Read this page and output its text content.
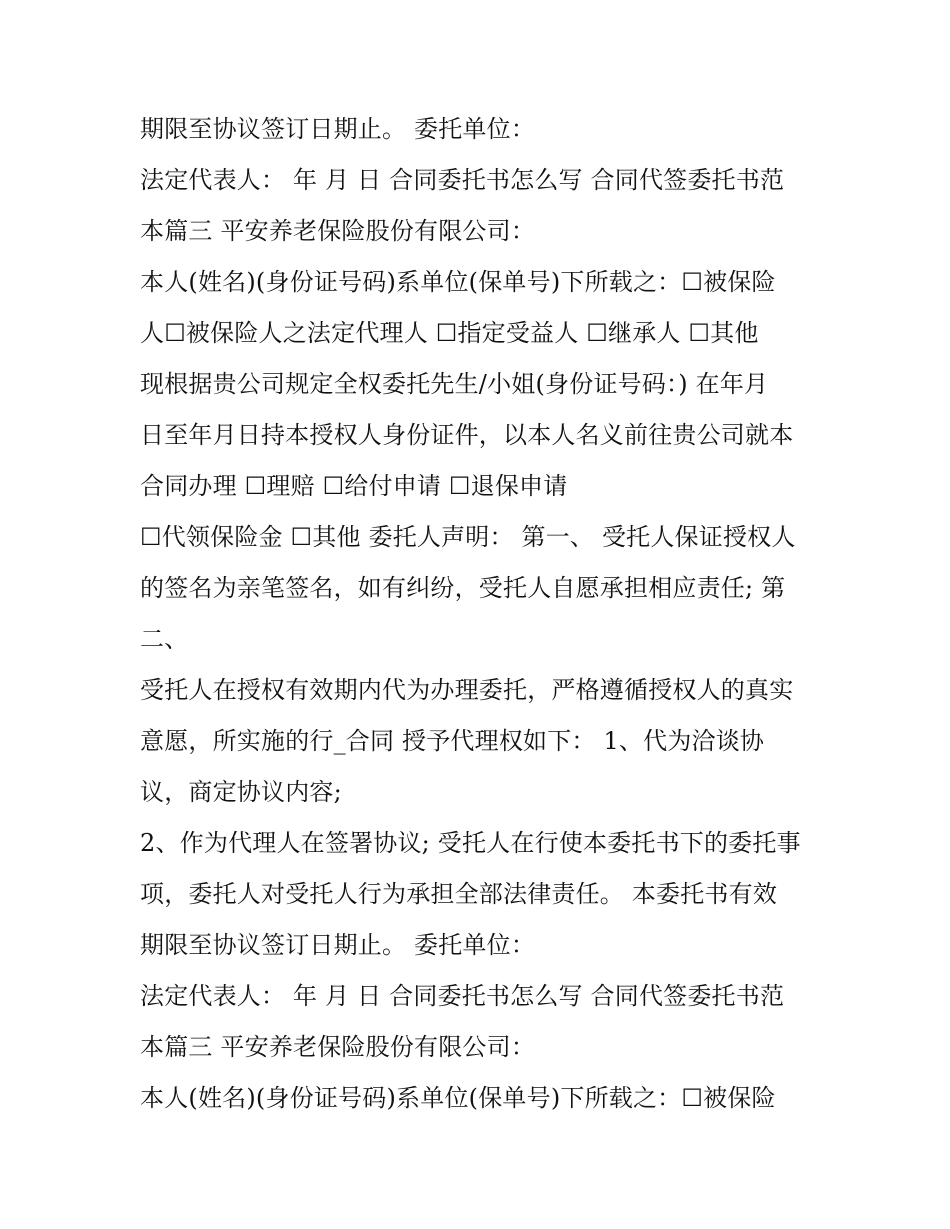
期限至协议签订日期止。 委托单位：
法定代表人： 年 月 日 合同委托书怎么写 合同代签委托书范
本篇三 平安养老保险股份有限公司：
本人(姓名)(身份证号码)系单位(保单号)下所载之：☐被保险
人☐被保险人之法定代理人 ☐指定受益人 ☐继承人 ☐其他
现根据贵公司规定全权委托先生/小姐(身份证号码：) 在年月
日至年月日持本授权人身份证件，以本人名义前往贵公司就本
合同办理 ☐理赔 ☐给付申请 ☐退保申请
☐代领保险金 ☐其他 委托人声明： 第一、 受托人保证授权人
的签名为亲笔签名，如有纠纷，受托人自愿承担相应责任; 第
二、
受托人在授权有效期内代为办理委托，严格遵循授权人的真实
意愿，所实施的行_合同 授予代理权如下： 1、代为洽谈协
议，商定协议内容;
2、作为代理人在签署协议; 受托人在行使本委托书下的委托事
项，委托人对受托人行为承担全部法律责任。 本委托书有效
期限至协议签订日期止。 委托单位：
法定代表人： 年 月 日 合同委托书怎么写 合同代签委托书范
本篇三 平安养老保险股份有限公司：
本人(姓名)(身份证号码)系单位(保单号)下所载之：☐被保险
